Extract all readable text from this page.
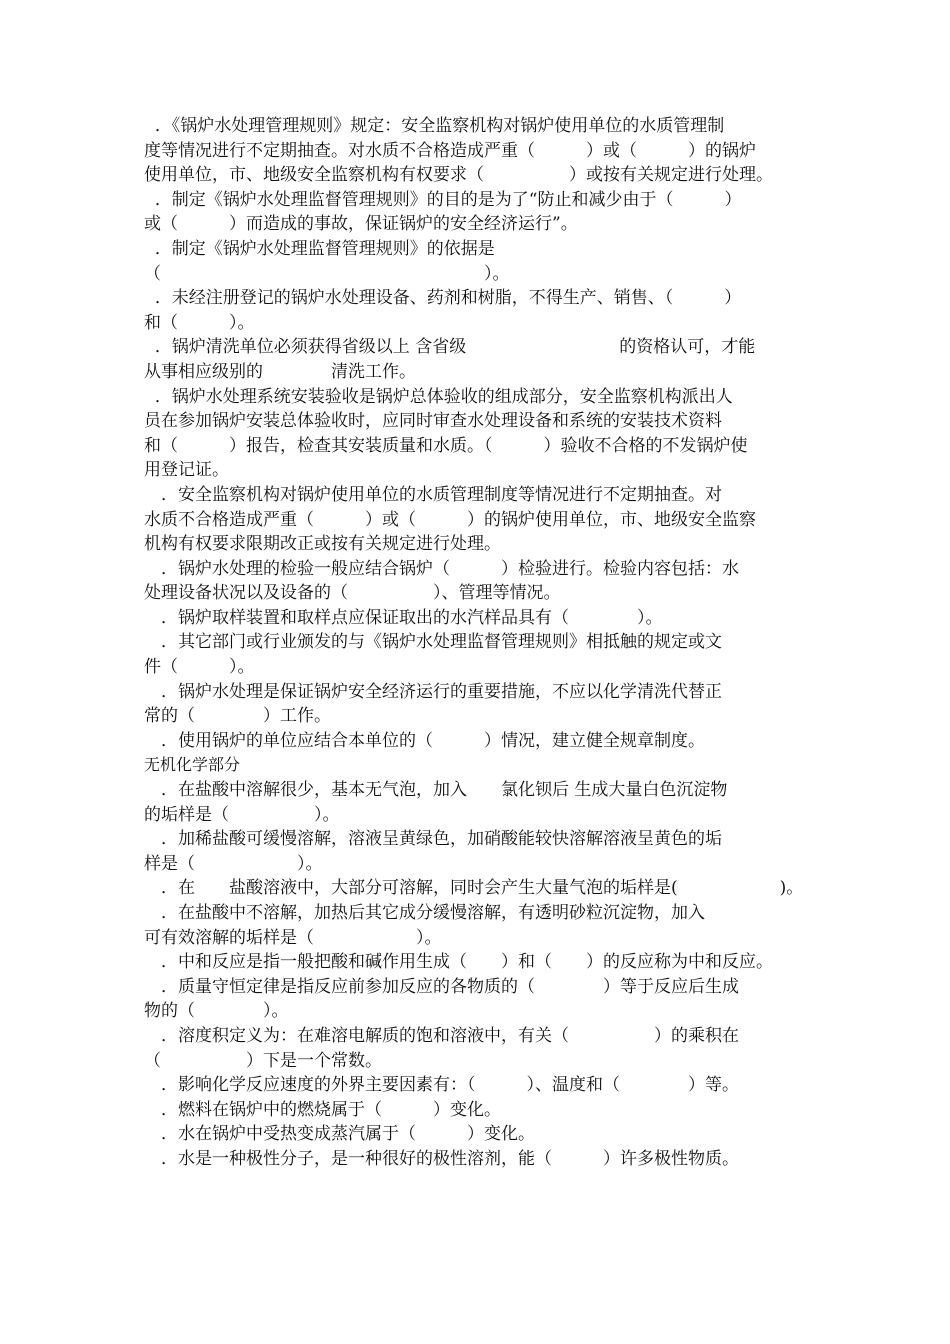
．《锅炉水处理管理规则》规定：安全监察机构对锅炉使用单位的水质管理制
度等情况进行不定期抽查。对水质不合格造成严重（　　　）或（　　　）的锅炉
使用单位，市、地级安全监察机构有权要求（　　　　　）或按有关规定进行处理。
．制定《锅炉水处理监督管理规则》的目的是为了“防止和减少由于（　　　）
或（　　　）而造成的事故，保证锅炉的安全经济运行”。
．制定《锅炉水处理监督管理规则》的依据是
（　　　　　　　　　　　　　　　　　　　）。
．未经注册登记的锅炉水处理设备、药剂和树脂，不得生产、销售、（　　　）
和（　　　）。
．锅炉清洗单位必须获得省级以上 含省级　　　　　　　　　的资格认可，才能
从事相应级别的　　　　清洗工作。
．锅炉水处理系统安装验收是锅炉总体验收的组成部分，安全监察机构派出人
员在参加锅炉安装总体验收时，应同时审查水处理设备和系统的安装技术资料
和（　　　）报告，检查其安装质量和水质。（　　　）验收不合格的不发锅炉使
用登记证。
　．安全监察机构对锅炉使用单位的水质管理制度等情况进行不定期抽查。对
水质不合格造成严重（　　　）或（　　　）的锅炉使用单位，市、地级安全监察
机构有权要求限期改正或按有关规定进行处理。
　．锅炉水处理的检验一般应结合锅炉（　　　）检验进行。检验内容包括：水
处理设备状况以及设备的（　　　　　）、管理等情况。
　．锅炉取样装置和取样点应保证取出的水汽样品具有（　　　　）。
　．其它部门或行业颁发的与《锅炉水处理监督管理规则》相抵触的规定或文
件（　　　）。
　．锅炉水处理是保证锅炉安全经济运行的重要措施，不应以化学清洗代替正
常的（　　　　）工作。
　．使用锅炉的单位应结合本单位的（　　　）情况，建立健全规章制度。
无机化学部分
　．在盐酸中溶解很少，基本无气泡，加入　　氯化钡后 生成大量白色沉淀物
的垢样是（　　　　　）。
　．加稀盐酸可缓慢溶解，溶液呈黄绿色，加硝酸能较快溶解溶液呈黄色的垢
样是（　　　　　　）。
　．在　　盐酸溶液中，大部分可溶解，同时会产生大量气泡的垢样是(　　　　　　)。
　．在盐酸中不溶解，加热后其它成分缓慢溶解，有透明砂粒沉淀物，加入
可有效溶解的垢样是（　　　　　　）。
　．中和反应是指一般把酸和碱作用生成（　　）和（　　）的反应称为中和反应。
　．质量守恒定律是指反应前参加反应的各物质的（　　　　）等于反应后生成
物的（　　　　）。
　．溶度积定义为：在难溶电解质的饱和溶液中，有关（　　　　　）的乘积在
（　　　　　）下是一个常数。
　．影响化学反应速度的外界主要因素有：（　　　）、温度和（　　　　）等。
　．燃料在锅炉中的燃烧属于（　　　）变化。
　．水在锅炉中受热变成蒸汽属于（　　　）变化。
　．水是一种极性分子，是一种很好的极性溶剂，能（　　　）许多极性物质。
